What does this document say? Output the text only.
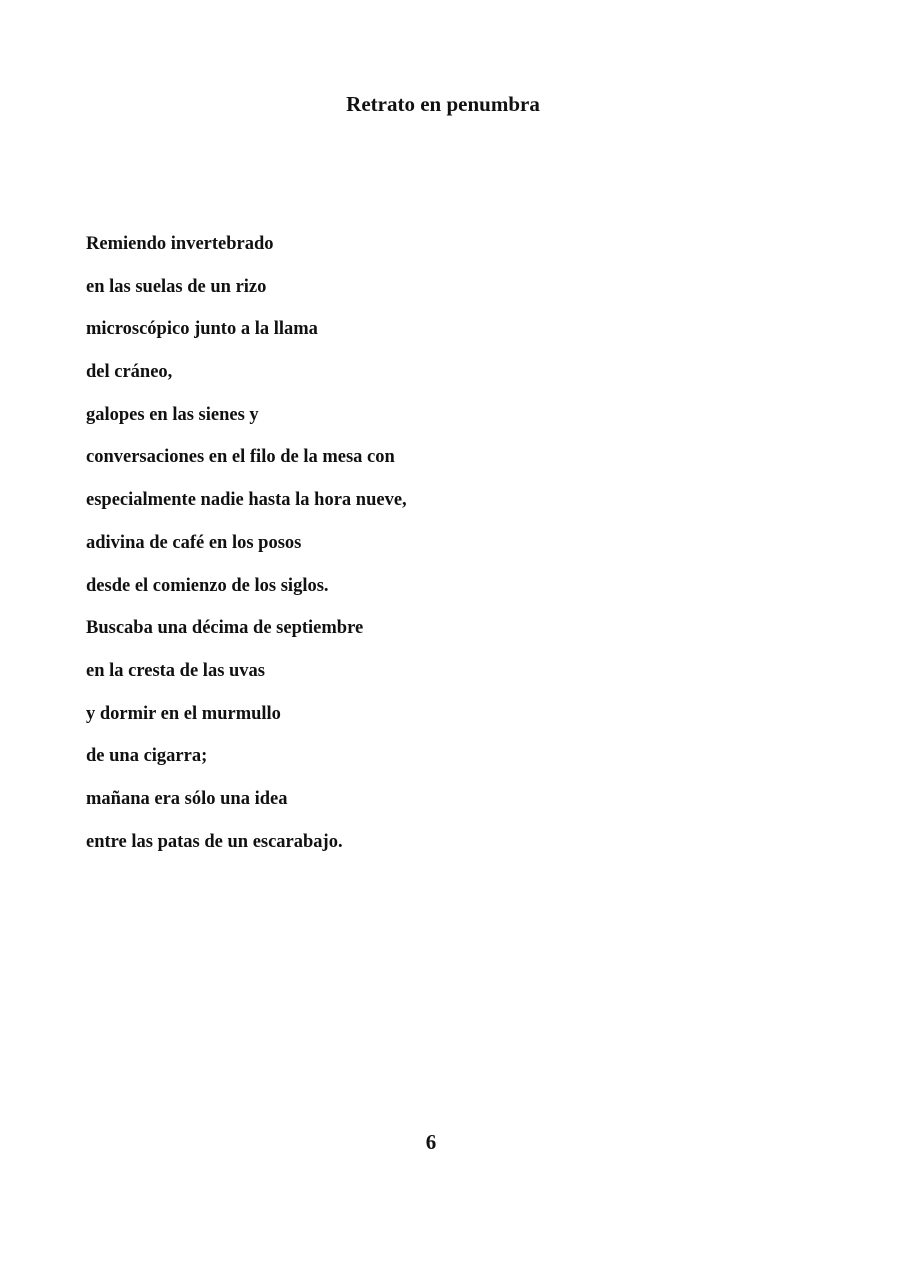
Retrato en penumbra
Remiendo invertebrado
en las suelas de un rizo
microscópico junto a la llama
del cráneo,
galopes en las sienes y
conversaciones en el filo de la mesa con
especialmente nadie hasta la hora nueve,
adivina de café en los posos
desde el comienzo de los siglos.
Buscaba una décima de septiembre
en la cresta de las uvas
y dormir en el murmullo
de una cigarra;
mañana era sólo una idea
entre las patas de un escarabajo.
6
